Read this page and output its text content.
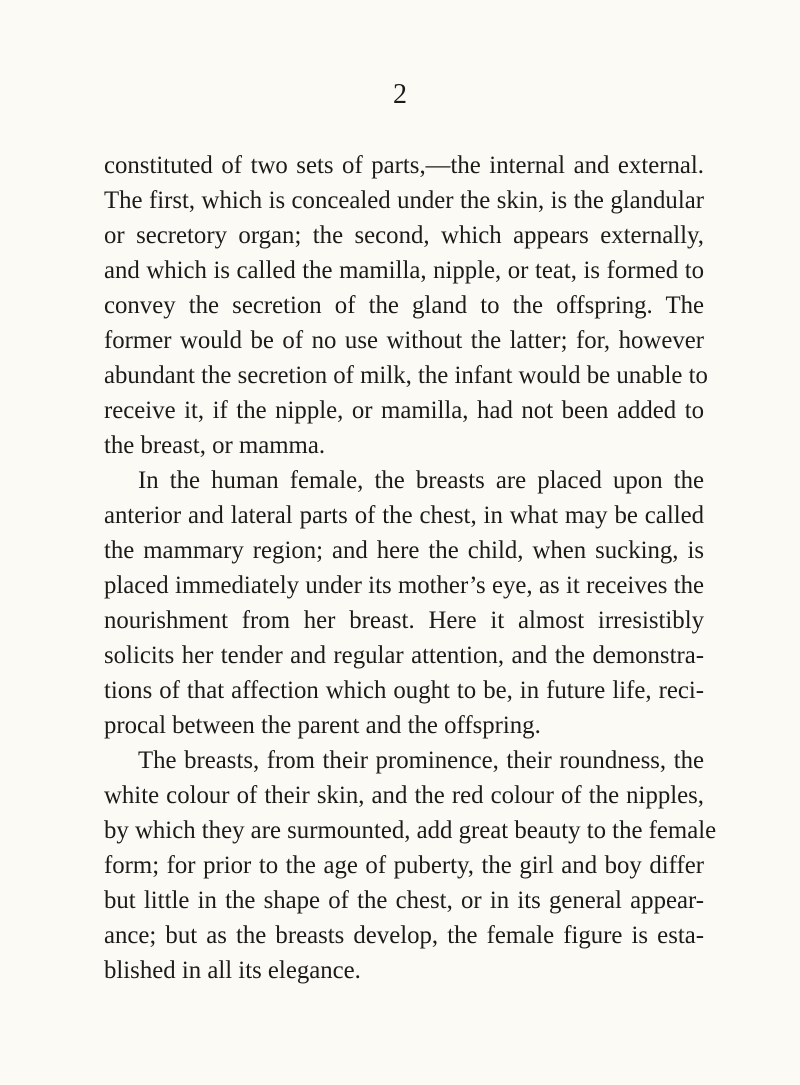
2
constituted of two sets of parts,—the internal and external.
The first, which is concealed under the skin, is the glandular
or secretory organ; the second, which appears externally,
and which is called the mamilla, nipple, or teat, is formed to
convey the secretion of the gland to the offspring. The
former would be of no use without the latter; for, however
abundant the secretion of milk, the infant would be unable to
receive it, if the nipple, or mamilla, had not been added to
the breast, or mamma.
In the human female, the breasts are placed upon the
anterior and lateral parts of the chest, in what may be called
the mammary region; and here the child, when sucking, is
placed immediately under its mother’s eye, as it receives the
nourishment from her breast. Here it almost irresistibly
solicits her tender and regular attention, and the demonstra-
tions of that affection which ought to be, in future life, reci-
procal between the parent and the offspring.
The breasts, from their prominence, their roundness, the
white colour of their skin, and the red colour of the nipples,
by which they are surmounted, add great beauty to the female
form; for prior to the age of puberty, the girl and boy differ
but little in the shape of the chest, or in its general appear-
ance; but as the breasts develop, the female figure is esta-
blished in all its elegance.
